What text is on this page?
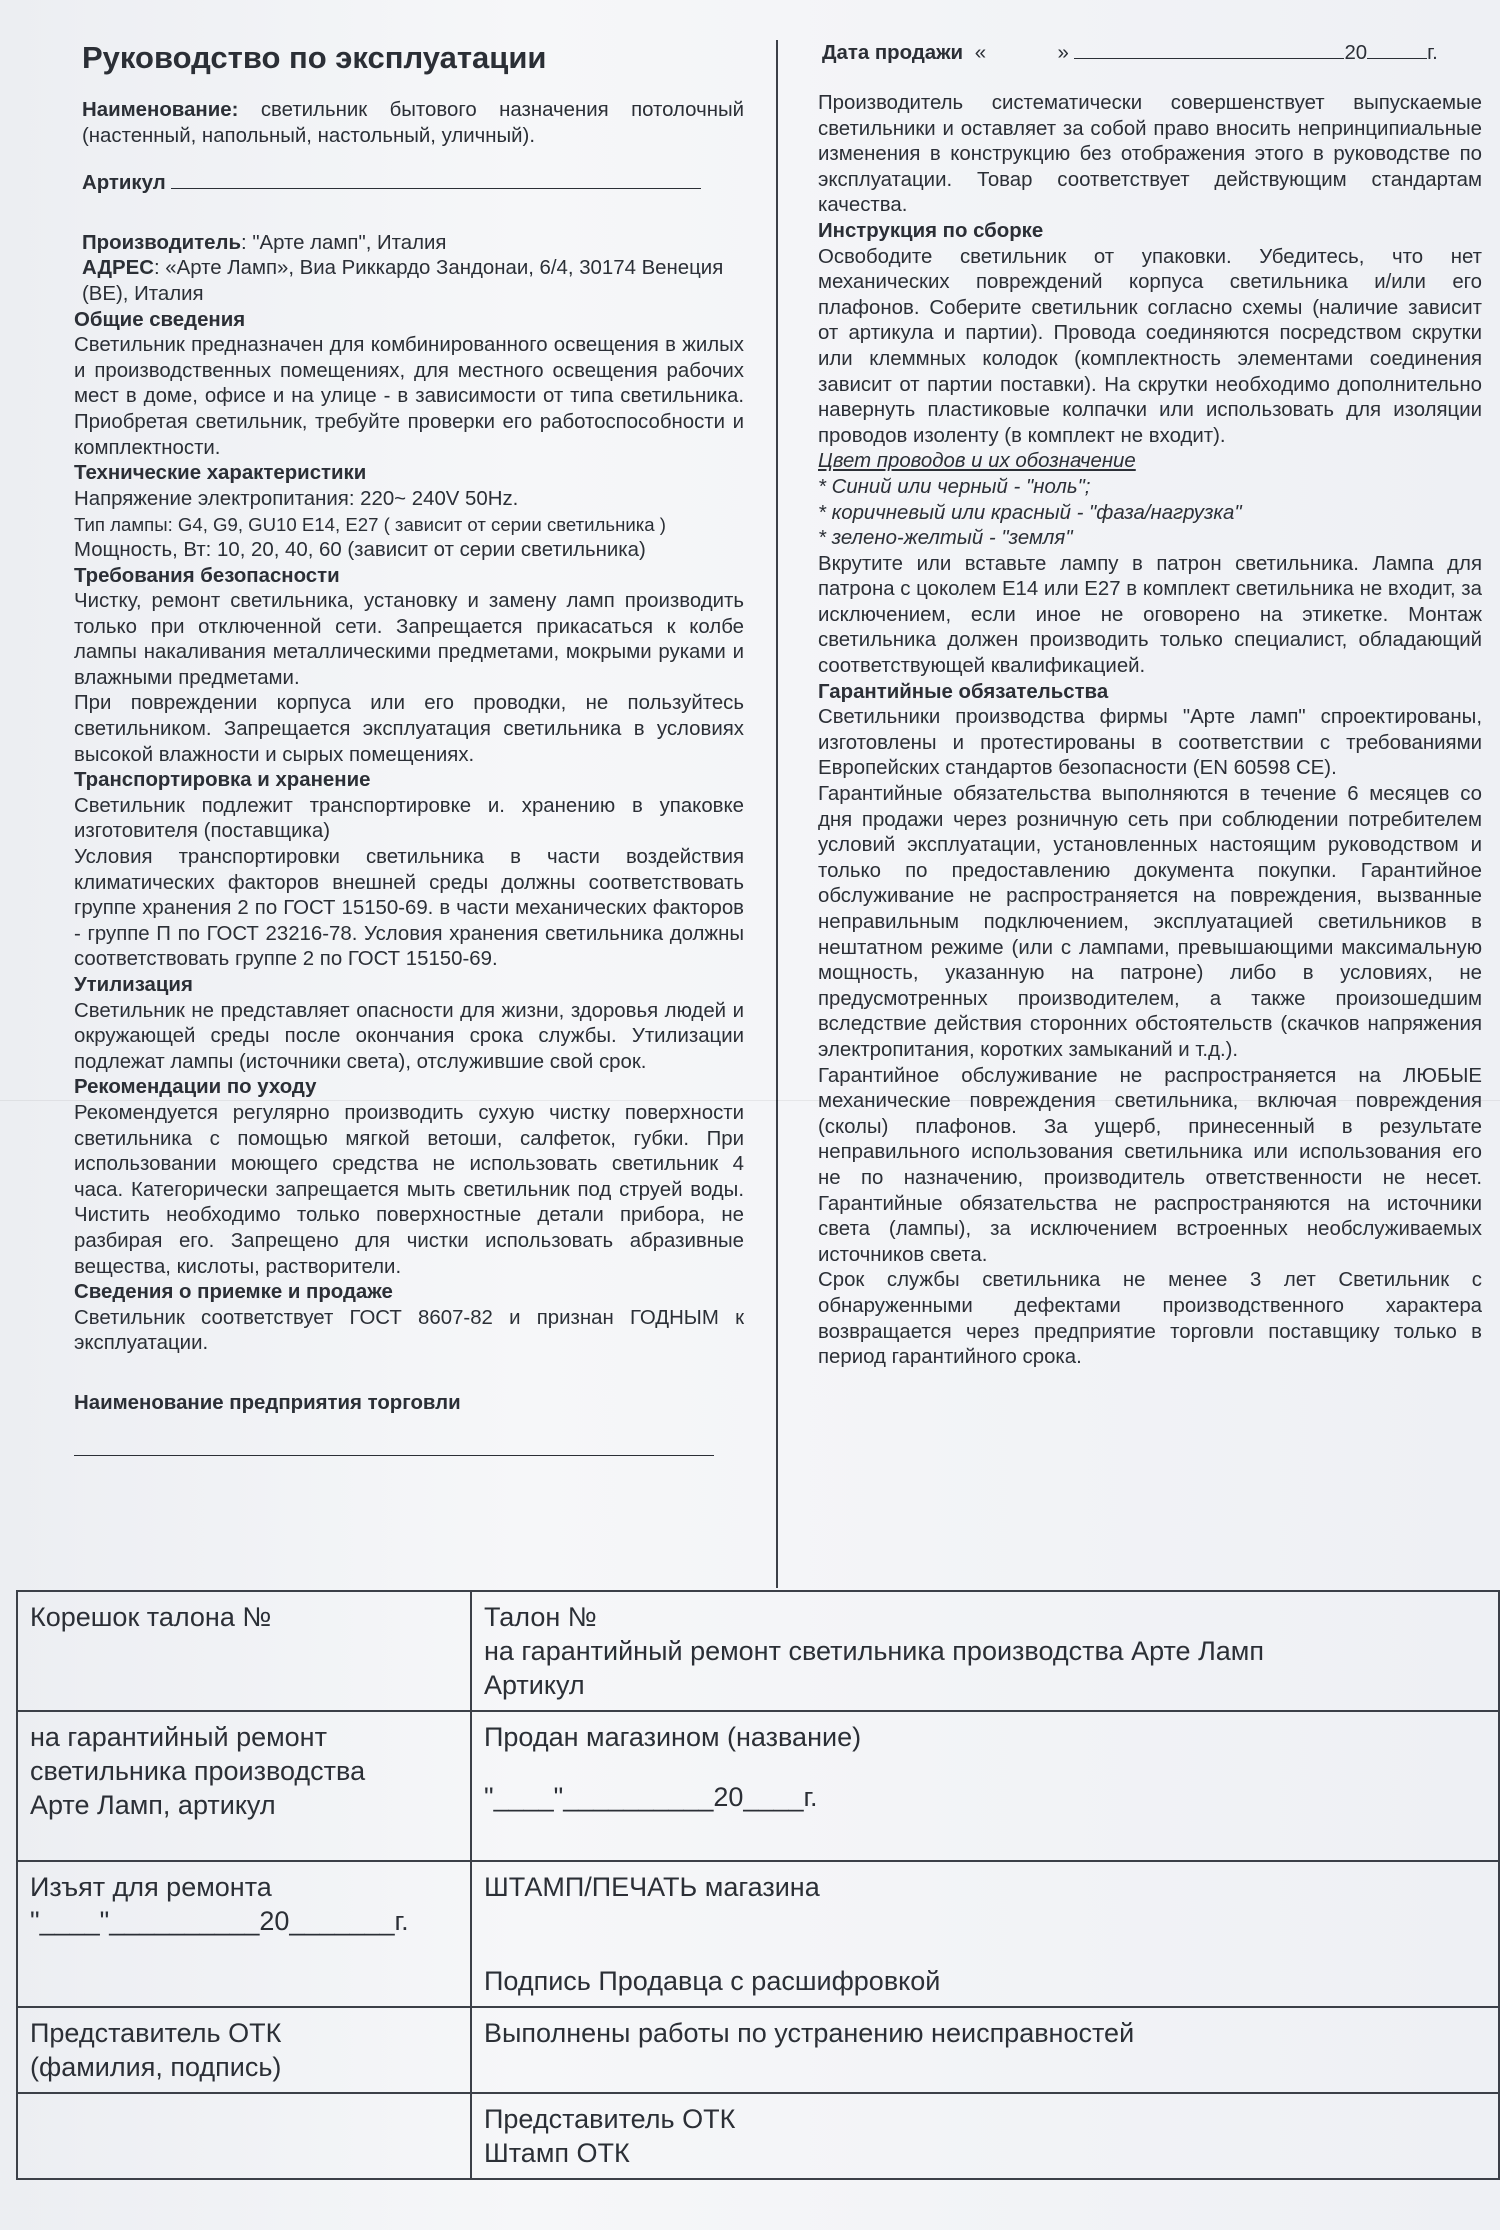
Руководство по эксплуатации

Наименование: светильник бытового назначения потолочный (настенный, напольный, настольный, уличный).

Артикул

Производитель: "Арте ламп", Италия

АДРЕС: «Арте Ламп», Виа Риккардо Зандонаи, 6/4, 30174 Венеция (ВЕ), Италия

Общие сведения

Светильник предназначен для комбинированного освещения в жилых и производственных помещениях, для местного освещения рабочих мест в доме, офисе и на улице - в зависимости от типа светильника. Приобретая светильник, требуйте проверки его работоспособности и комплектности.

Технические характеристики

Напряжение электропитания: 220~ 240V 50Hz.

Тип лампы: G4, G9, GU10 E14, E27 ( зависит от серии светильника )

Мощность, Вт: 10, 20, 40, 60 (зависит от серии светильника)

Требования безопасности

Чистку, ремонт светильника, установку и замену ламп производить только при отключенной сети. Запрещается прикасаться к колбе лампы накаливания металлическими предметами, мокрыми руками и влажными предметами.

При повреждении корпуса или его проводки, не пользуйтесь светильником. Запрещается эксплуатация светильника в условиях высокой влажности и сырых помещениях.

Транспортировка и хранение

Светильник подлежит транспортировке и. хранению в упаковке изготовителя (поставщика)

Условия транспортировки светильника в части воздействия климатических факторов внешней среды должны соответствовать группе хранения 2 по ГОСТ 15150-69. в части механических факторов - группе П по ГОСТ 23216-78. Условия хранения светильника должны соответствовать группе 2 по ГОСТ 15150-69.

Утилизация

Светильник не представляет опасности для жизни, здоровья людей и окружающей среды после окончания срока службы. Утилизации подлежат лампы (источники света), отслужившие свой срок.

Рекомендации по уходу

Рекомендуется регулярно производить сухую чистку поверхности светильника с помощью мягкой ветоши, салфеток, губки. При использовании моющего средства не использовать светильник 4 часа. Категорически запрещается мыть светильник под струей воды. Чистить необходимо только поверхностные детали прибора, не разбирая его. Запрещено для чистки использовать абразивные вещества, кислоты, растворители.

Сведения о приемке и продаже

Светильник соответствует ГОСТ 8607-82 и признан ГОДНЫМ к эксплуатации.

Наименование предприятия торговли

Дата продажи «	»	20	г.

Производитель систематически совершенствует выпускаемые светильники и оставляет за собой право вносить непринципиальные изменения в конструкцию без отображения этого в руководстве по эксплуатации. Товар соответствует действующим стандартам качества.

Инструкция по сборке

Освободите светильник от упаковки. Убедитесь, что нет механических повреждений корпуса светильника и/или его плафонов. Соберите светильник согласно схемы (наличие зависит от артикула и партии). Провода соединяются посредством скрутки или клеммных колодок (комплектность элементами соединения зависит от партии поставки). На скрутки необходимо дополнительно навернуть пластиковые колпачки или использовать для изоляции проводов изоленту (в комплект не входит).

Цвет проводов и их обозначение

* Синий или черный - "ноль";

* коричневый или красный - "фаза/нагрузка"

* зелено-желтый - "земля"

Вкрутите или вставьте лампу в патрон светильника. Лампа для патрона с цоколем E14 или E27 в комплект светильника не входит, за исключением, если иное не оговорено на этикетке. Монтаж светильника должен производить только специалист, обладающий соответствующей квалификацией.

Гарантийные обязательства

Светильники производства фирмы "Арте ламп" спроектированы, изготовлены и протестированы в соответствии с требованиями Европейских стандартов безопасности (EN 60598 CE).

Гарантийные обязательства выполняются в течение 6 месяцев со дня продажи через розничную сеть при соблюдении потребителем условий эксплуатации, установленных настоящим руководством и только по предоставлению документа покупки. Гарантийное обслуживание не распространяется на повреждения, вызванные неправильным подключением, эксплуатацией светильников в нештатном режиме (или с лампами, превышающими максимальную мощность, указанную на патроне) либо в условиях, не предусмотренных производителем, а также произошедшим вследствие действия сторонних обстоятельств (скачков напряжения электропитания, коротких замыканий и т.д.).

Гарантийное обслуживание не распространяется на ЛЮБЫЕ механические повреждения светильника, включая повреждения (сколы) плафонов. За ущерб, принесенный в результате неправильного использования светильника или использования его не по назначению, производитель ответственности не несет. Гарантийные обязательства не распространяются на источники света (лампы), за исключением встроенных необслуживаемых источников света.

Срок службы светильника не менее 3 лет Светильник с обнаруженными дефектами производственного характера возвращается через предприятие торговли поставщику только в период гарантийного срока.

Корешок талона №	Талон №
на гарантийный ремонт светильника производства Арте Ламп
Артикул

на гарантийный ремонт
светильника производства
Арте Ламп, артикул	Продан магазином (название)
"____"__________20____г.

Изъят для ремонта
"____"__________20_______г.	ШТАМП/ПЕЧАТЬ магазина
Подпись Продавца с расшифровкой

Представитель ОТК
(фамилия, подпись)	Выполнены работы по устранению неисправностей

	Представитель ОТК
Штамп ОТК
